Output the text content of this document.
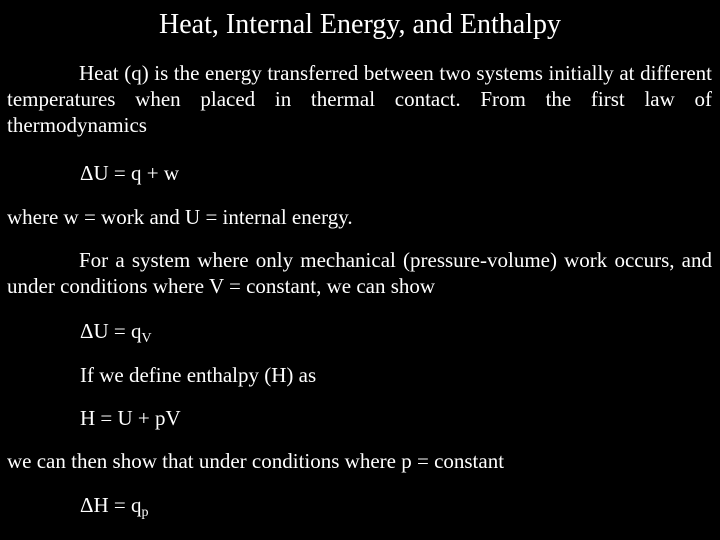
Heat, Internal Energy, and Enthalpy

Heat (q) is the energy transferred between two systems initially at different temperatures when placed in thermal contact. From the first law of thermodynamics

ΔU = q + w
where w = work and U = internal energy.

For a system where only mechanical (pressure-volume) work occurs, and under conditions where V = constant, we can show

$\Delta U = q_V$
If we define enthalpy (H) as
H = U + pV
we can then show that under conditions where p = constant
$\Delta H = q_p$
